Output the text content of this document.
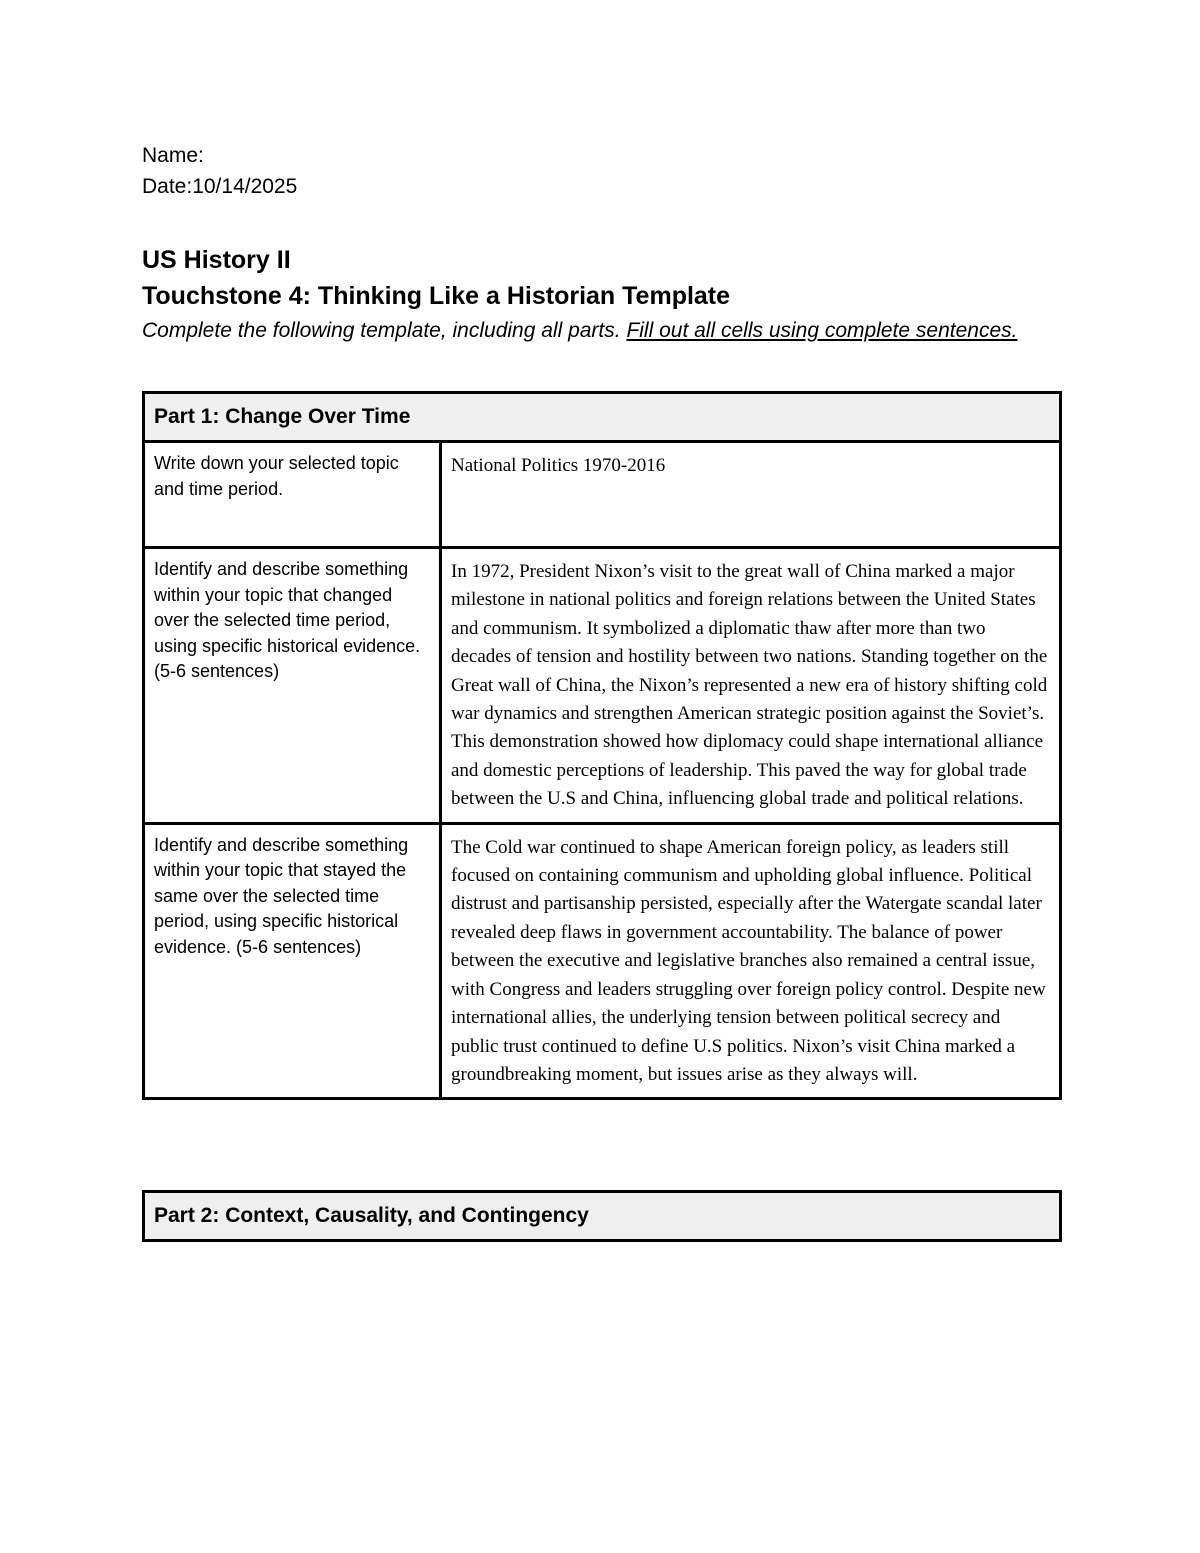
Name:
Date:10/14/2025
US History II
Touchstone 4: Thinking Like a Historian Template
Complete the following template, including all parts. Fill out all cells using complete sentences.
Part 1: Change Over Time	
Write down your selected topic and time period.	National Politics 1970-2016
Identify and describe something within your topic that changed over the selected time period, using specific historical evidence. (5-6 sentences)	In 1972, President Nixon’s visit to the great wall of China marked a major milestone in national politics and foreign relations between the United States and communism. It symbolized a diplomatic thaw after more than two decades of tension and hostility between two nations. Standing together on the Great wall of China, the Nixon’s represented a new era of history shifting cold war dynamics and strengthen American strategic position against the Soviet’s. This demonstration showed how diplomacy could shape international alliance and domestic perceptions of leadership. This paved the way for global trade between the U.S and China, influencing global trade and political relations.
Identify and describe something within your topic that stayed the same over the selected time period, using specific historical evidence. (5-6 sentences)	The Cold war continued to shape American foreign policy, as leaders still focused on containing communism and upholding global influence. Political distrust and partisanship persisted, especially after the Watergate scandal later revealed deep flaws in government accountability. The balance of power between the executive and legislative branches also remained a central issue, with Congress and leaders struggling over foreign policy control. Despite new international allies, the underlying tension between political secrecy and public trust continued to define U.S politics. Nixon’s visit China marked a groundbreaking moment, but issues arise as they always will.
Part 2: Context, Causality, and Contingency
